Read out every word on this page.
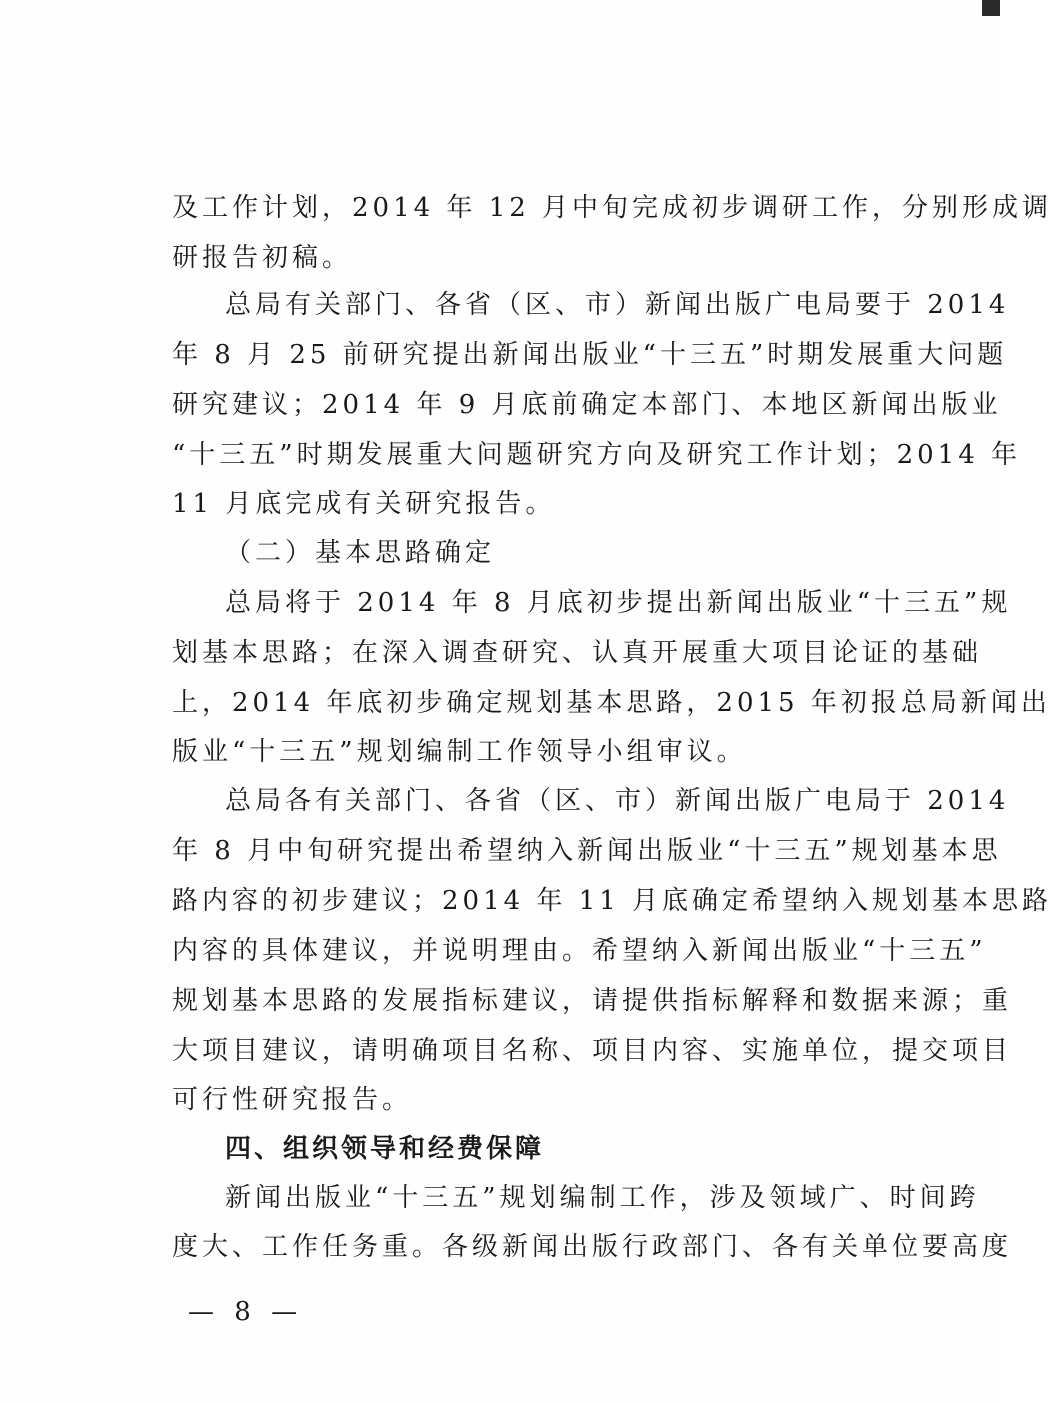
及工作计划，2014 年 12 月中旬完成初步调研工作，分别形成调
研报告初稿。
总局有关部门、各省（区、市）新闻出版广电局要于 2014
年 8 月 25 前研究提出新闻出版业“十三五”时期发展重大问题
研究建议；2014 年 9 月底前确定本部门、本地区新闻出版业
“十三五”时期发展重大问题研究方向及研究工作计划；2014 年
11 月底完成有关研究报告。
（二）基本思路确定
总局将于 2014 年 8 月底初步提出新闻出版业“十三五”规
划基本思路；在深入调查研究、认真开展重大项目论证的基础
上，2014 年底初步确定规划基本思路，2015 年初报总局新闻出
版业“十三五”规划编制工作领导小组审议。
总局各有关部门、各省（区、市）新闻出版广电局于 2014
年 8 月中旬研究提出希望纳入新闻出版业“十三五”规划基本思
路内容的初步建议；2014 年 11 月底确定希望纳入规划基本思路
内容的具体建议，并说明理由。希望纳入新闻出版业“十三五”
规划基本思路的发展指标建议，请提供指标解释和数据来源；重
大项目建议，请明确项目名称、项目内容、实施单位，提交项目
可行性研究报告。
四、组织领导和经费保障
新闻出版业“十三五”规划编制工作，涉及领域广、时间跨
度大、工作任务重。各级新闻出版行政部门、各有关单位要高度
— 8 —
